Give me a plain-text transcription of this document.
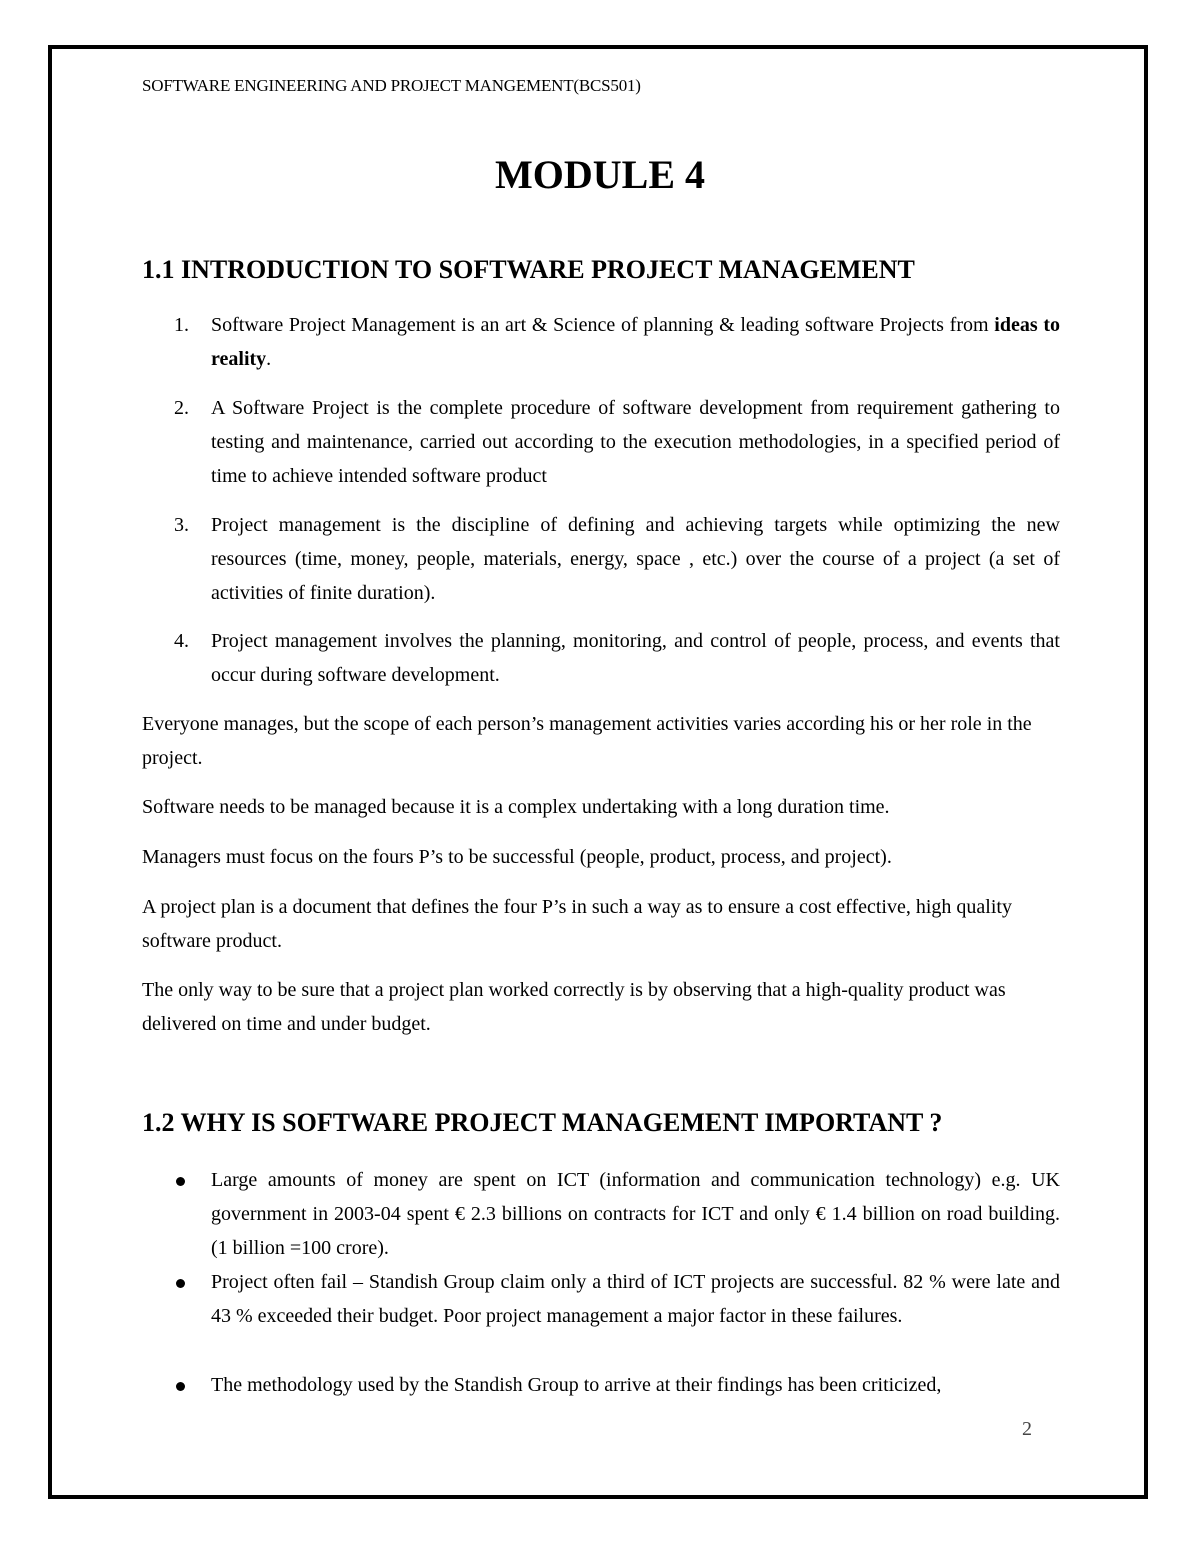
SOFTWARE ENGINEERING AND PROJECT MANGEMENT(BCS501)
MODULE 4
1.1 INTRODUCTION TO SOFTWARE PROJECT MANAGEMENT
1. Software Project Management is an art & Science of planning & leading software Projects from ideas to reality.
2. A Software Project is the complete procedure of software development from requirement gathering to testing and maintenance, carried out according to the execution methodologies, in a specified period of time to achieve intended software product
3. Project management is the discipline of defining and achieving targets while optimizing the new resources (time, money, people, materials, energy, space , etc.) over the course of a project (a set of activities of finite duration).
4. Project management involves the planning, monitoring, and control of people, process, and events that occur during software development.

Everyone manages, but the scope of each person’s management activities varies according his or her role in the project.

Software needs to be managed because it is a complex undertaking with a long duration time.

Managers must focus on the fours P’s to be successful (people, product, process, and project).

A project plan is a document that defines the four P’s in such a way as to ensure a cost effective, high quality software product.

The only way to be sure that a project plan worked correctly is by observing that a high-quality product was delivered on time and under budget.

1.2 WHY IS SOFTWARE PROJECT MANAGEMENT IMPORTANT ?
Large amounts of money are spent on ICT (information and communication technology) e.g. UK government in 2003-04 spent € 2.3 billions on contracts for ICT and only € 1.4 billion on road building. (1 billion =100 crore).
Project often fail – Standish Group claim only a third of ICT projects are successful. 82 % were late and 43 % exceeded their budget. Poor project management a major factor in these failures.
The methodology used by the Standish Group to arrive at their findings has been criticized,
2
